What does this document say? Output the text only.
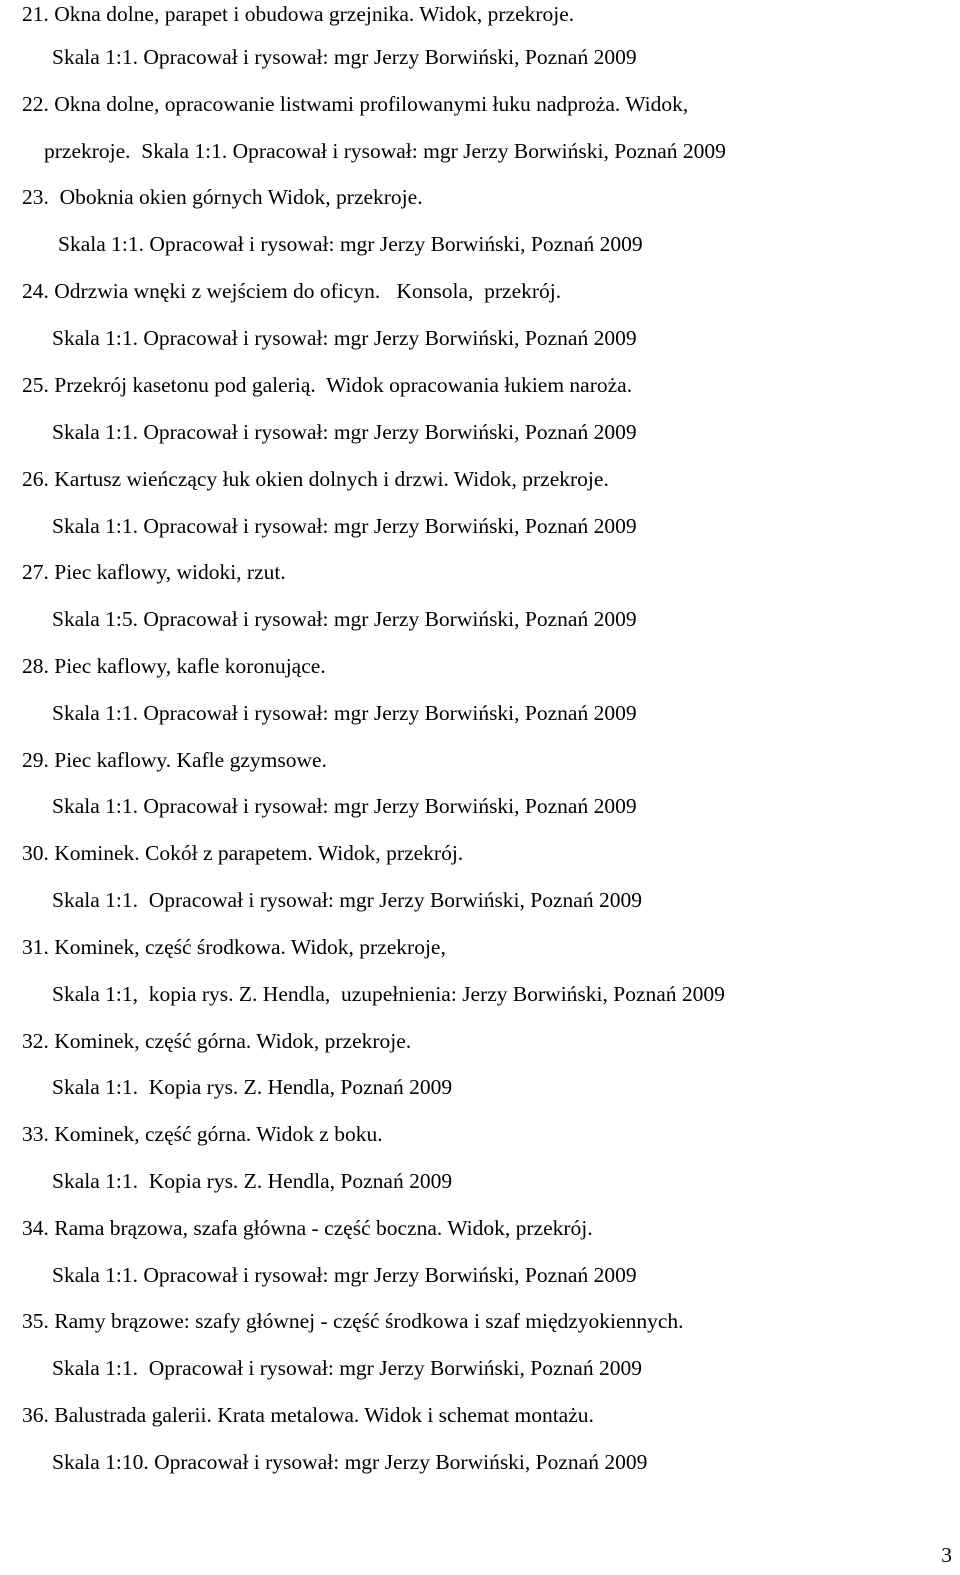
21. Okna dolne, parapet i obudowa grzejnika. Widok, przekroje.
Skala 1:1. Opracował i rysował: mgr Jerzy Borwiński, Poznań 2009
22. Okna dolne, opracowanie listwami profilowanymi łuku nadproża. Widok,
przekroje.  Skala 1:1. Opracował i rysował: mgr Jerzy Borwiński, Poznań 2009
23.  Oboknia okien górnych Widok, przekroje.
Skala 1:1. Opracował i rysował: mgr Jerzy Borwiński, Poznań 2009
24. Odrzwia wnęki z wejściem do oficyn.   Konsola,  przekrój.
Skala 1:1. Opracował i rysował: mgr Jerzy Borwiński, Poznań 2009
25. Przekrój kasetonu pod galerią.  Widok opracowania łukiem naroża.
Skala 1:1. Opracował i rysował: mgr Jerzy Borwiński, Poznań 2009
26. Kartusz wieńczący łuk okien dolnych i drzwi. Widok, przekroje.
Skala 1:1. Opracował i rysował: mgr Jerzy Borwiński, Poznań 2009
27. Piec kaflowy, widoki, rzut.
Skala 1:5. Opracował i rysował: mgr Jerzy Borwiński, Poznań 2009
28. Piec kaflowy, kafle koronujące.
Skala 1:1. Opracował i rysował: mgr Jerzy Borwiński, Poznań 2009
29. Piec kaflowy. Kafle gzymsowe.
Skala 1:1. Opracował i rysował: mgr Jerzy Borwiński, Poznań 2009
30. Kominek. Cokół z parapetem. Widok, przekrój.
Skala 1:1.  Opracował i rysował: mgr Jerzy Borwiński, Poznań 2009
31. Kominek, część środkowa. Widok, przekroje,
Skala 1:1,  kopia rys. Z. Hendla,  uzupełnienia: Jerzy Borwiński, Poznań 2009
32. Kominek, część górna. Widok, przekroje.
Skala 1:1.  Kopia rys. Z. Hendla, Poznań 2009
33. Kominek, część górna. Widok z boku.
Skala 1:1.  Kopia rys. Z. Hendla, Poznań 2009
34. Rama brązowa, szafa główna - część boczna. Widok, przekrój.
Skala 1:1. Opracował i rysował: mgr Jerzy Borwiński, Poznań 2009
35. Ramy brązowe: szafy głównej - część środkowa i szaf międzyokiennych.
Skala 1:1.  Opracował i rysował: mgr Jerzy Borwiński, Poznań 2009
36. Balustrada galerii. Krata metalowa. Widok i schemat montażu.
Skala 1:10. Opracował i rysował: mgr Jerzy Borwiński, Poznań 2009
3
